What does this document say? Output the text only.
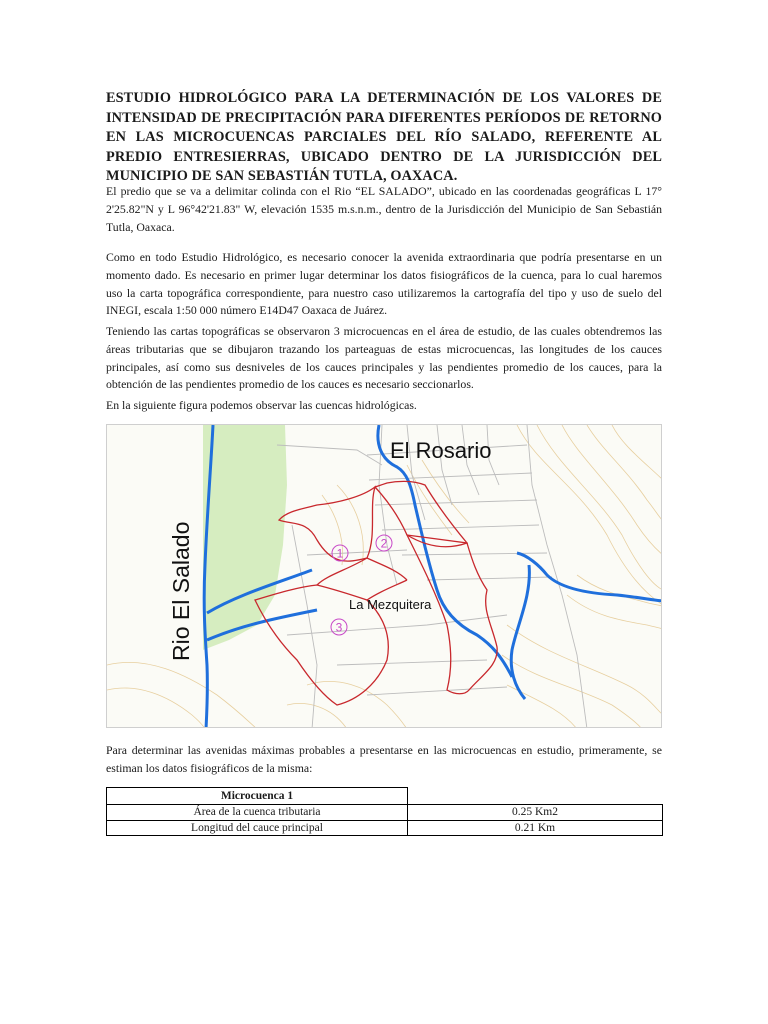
ESTUDIO HIDROLÓGICO PARA LA DETERMINACIÓN DE LOS VALORES DE INTENSIDAD DE PRECIPITACIÓN PARA DIFERENTES PERÍODOS DE RETORNO EN LAS MICROCUENCAS PARCIALES DEL RÍO SALADO, REFERENTE AL PREDIO ENTRESIERRAS, UBICADO DENTRO DE LA JURISDICCIÓN DEL MUNICIPIO DE SAN SEBASTIÁN TUTLA, OAXACA.

El predio que se va a delimitar colinda con el Rio “EL SALADO”, ubicado en las coordenadas geográficas L 17° 2'25.82"N y L 96°42'21.83" W, elevación 1535 m.s.n.m., dentro de la Jurisdicción del Municipio de San Sebastián Tutla, Oaxaca.

Como en todo Estudio Hidrológico, es necesario conocer la avenida extraordinaria que podría presentarse en un momento dado. Es necesario en primer lugar determinar los datos fisiográficos de la cuenca, para lo cual haremos uso la carta topográfica correspondiente, para nuestro caso utilizaremos la cartografía del tipo y uso de suelo del INEGI, escala 1:50 000 número E14D47 Oaxaca de Juárez.

Teniendo las cartas topográficas se observaron 3 microcuencas en el área de estudio, de las cuales obtendremos las áreas tributarias que se dibujaron trazando los parteaguas de estas microcuencas, las longitudes de los cauces principales, así como sus desniveles de los cauces principales y las pendientes promedio de los cauces, para la obtención de las pendientes promedio de los cauces es necesario seccionarlos.

En la siguiente figura podemos observar las cuencas hidrológicas.

Para determinar las avenidas máximas probables a presentarse en las microcuencas en estudio, primeramente, se estiman los datos fisiográficos de la misma:

1
2
3
El Rosario
La Mezquitera
Rio El Salado
Microcuenca 1	
Área de la cuenca tributaria	0.25 Km2
Longitud del cauce principal	0.21 Km
